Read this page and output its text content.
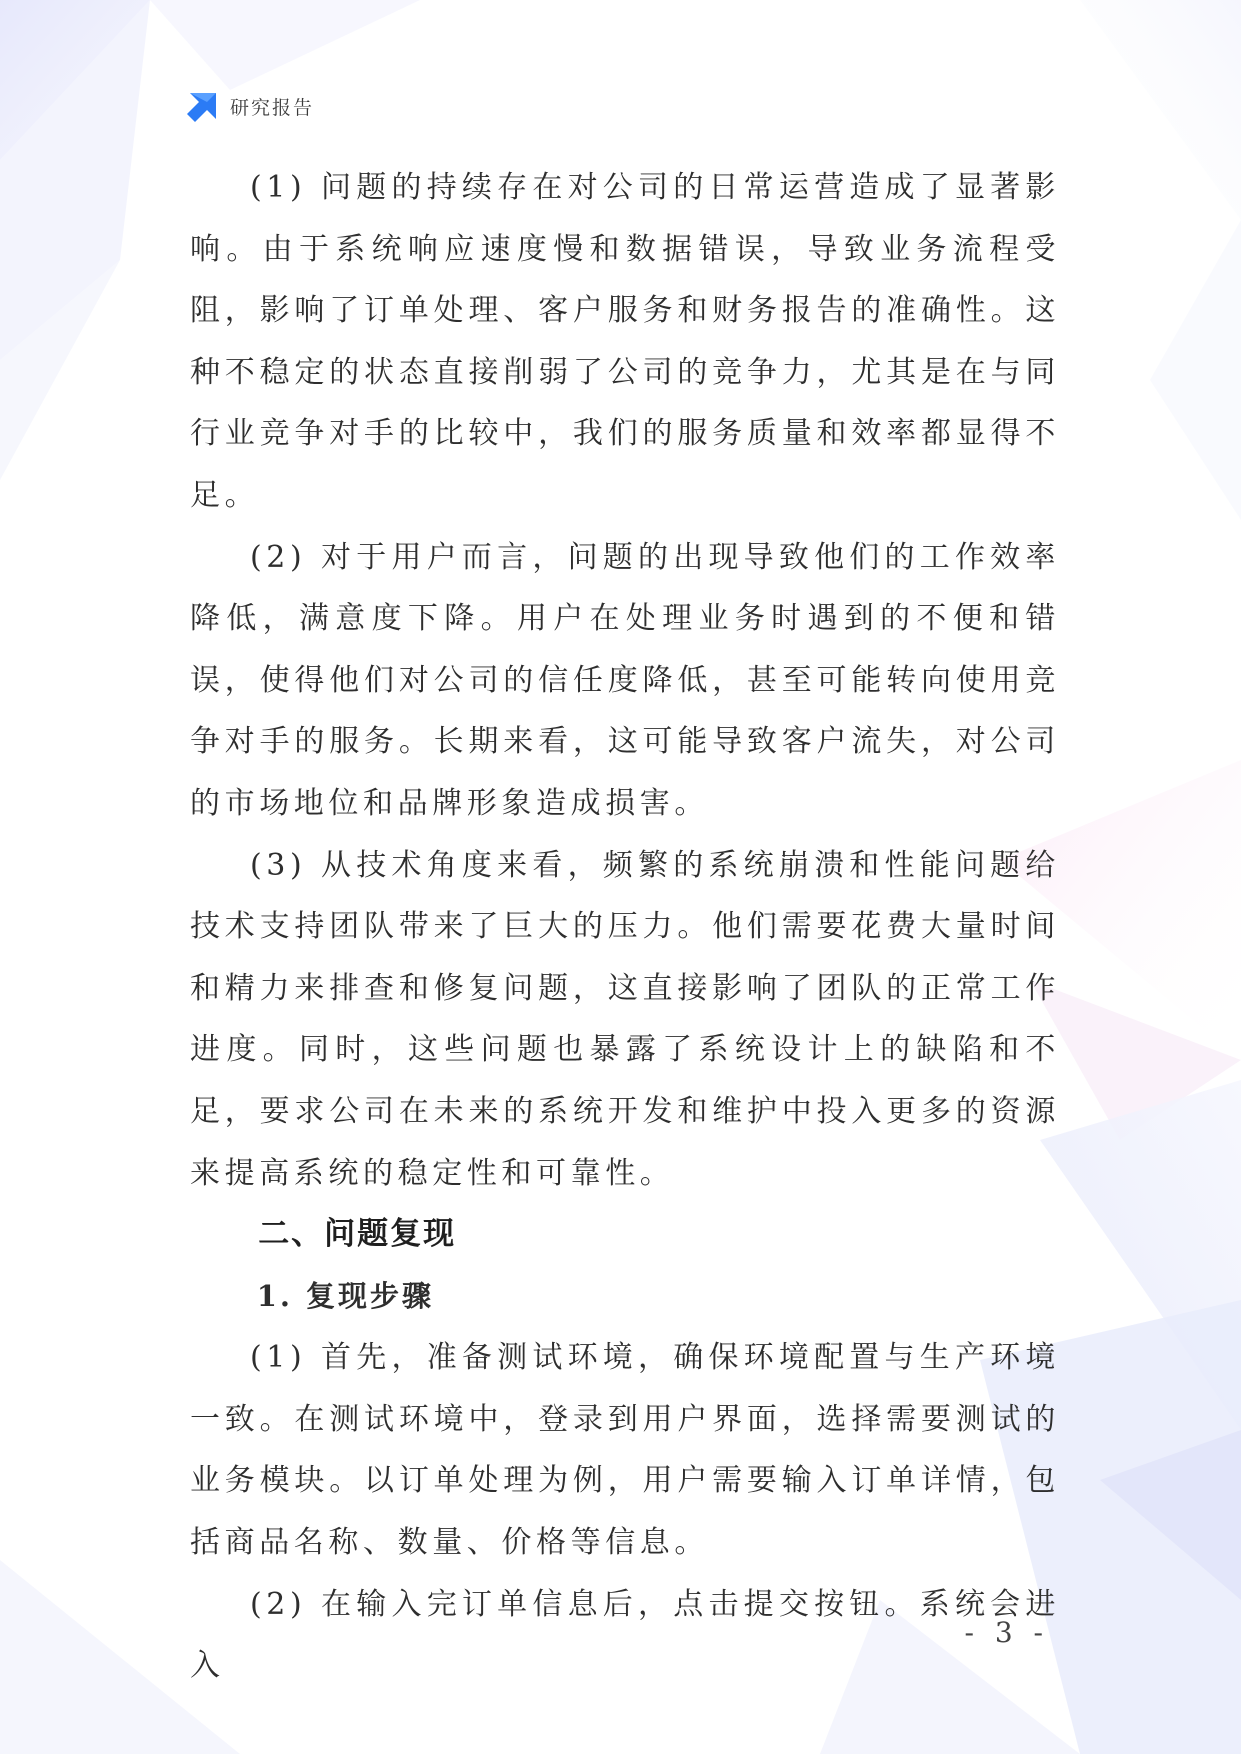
研究报告

(1) 问题的持续存在对公司的日常运营造成了显著影响。由于系统响应速度慢和数据错误，导致业务流程受阻，影响了订单处理、客户服务和财务报告的准确性。这种不稳定的状态直接削弱了公司的竞争力，尤其是在与同行业竞争对手的比较中，我们的服务质量和效率都显得不足。

(2) 对于用户而言，问题的出现导致他们的工作效率降低，满意度下降。用户在处理业务时遇到的不便和错误，使得他们对公司的信任度降低，甚至可能转向使用竞争对手的服务。长期来看，这可能导致客户流失，对公司的市场地位和品牌形象造成损害。

(3) 从技术角度来看，频繁的系统崩溃和性能问题给技术支持团队带来了巨大的压力。他们需要花费大量时间和精力来排查和修复问题，这直接影响了团队的正常工作进度。同时，这些问题也暴露了系统设计上的缺陷和不足，要求公司在未来的系统开发和维护中投入更多的资源来提高系统的稳定性和可靠性。

二、问题复现
1. 复现步骤

(1) 首先，准备测试环境，确保环境配置与生产环境一致。在测试环境中，登录到用户界面，选择需要测试的业务模块。以订单处理为例，用户需要输入订单详情，包括商品名称、数量、价格等信息。

(2) 在输入完订单信息后，点击提交按钮。系统会进入

- 3 -
